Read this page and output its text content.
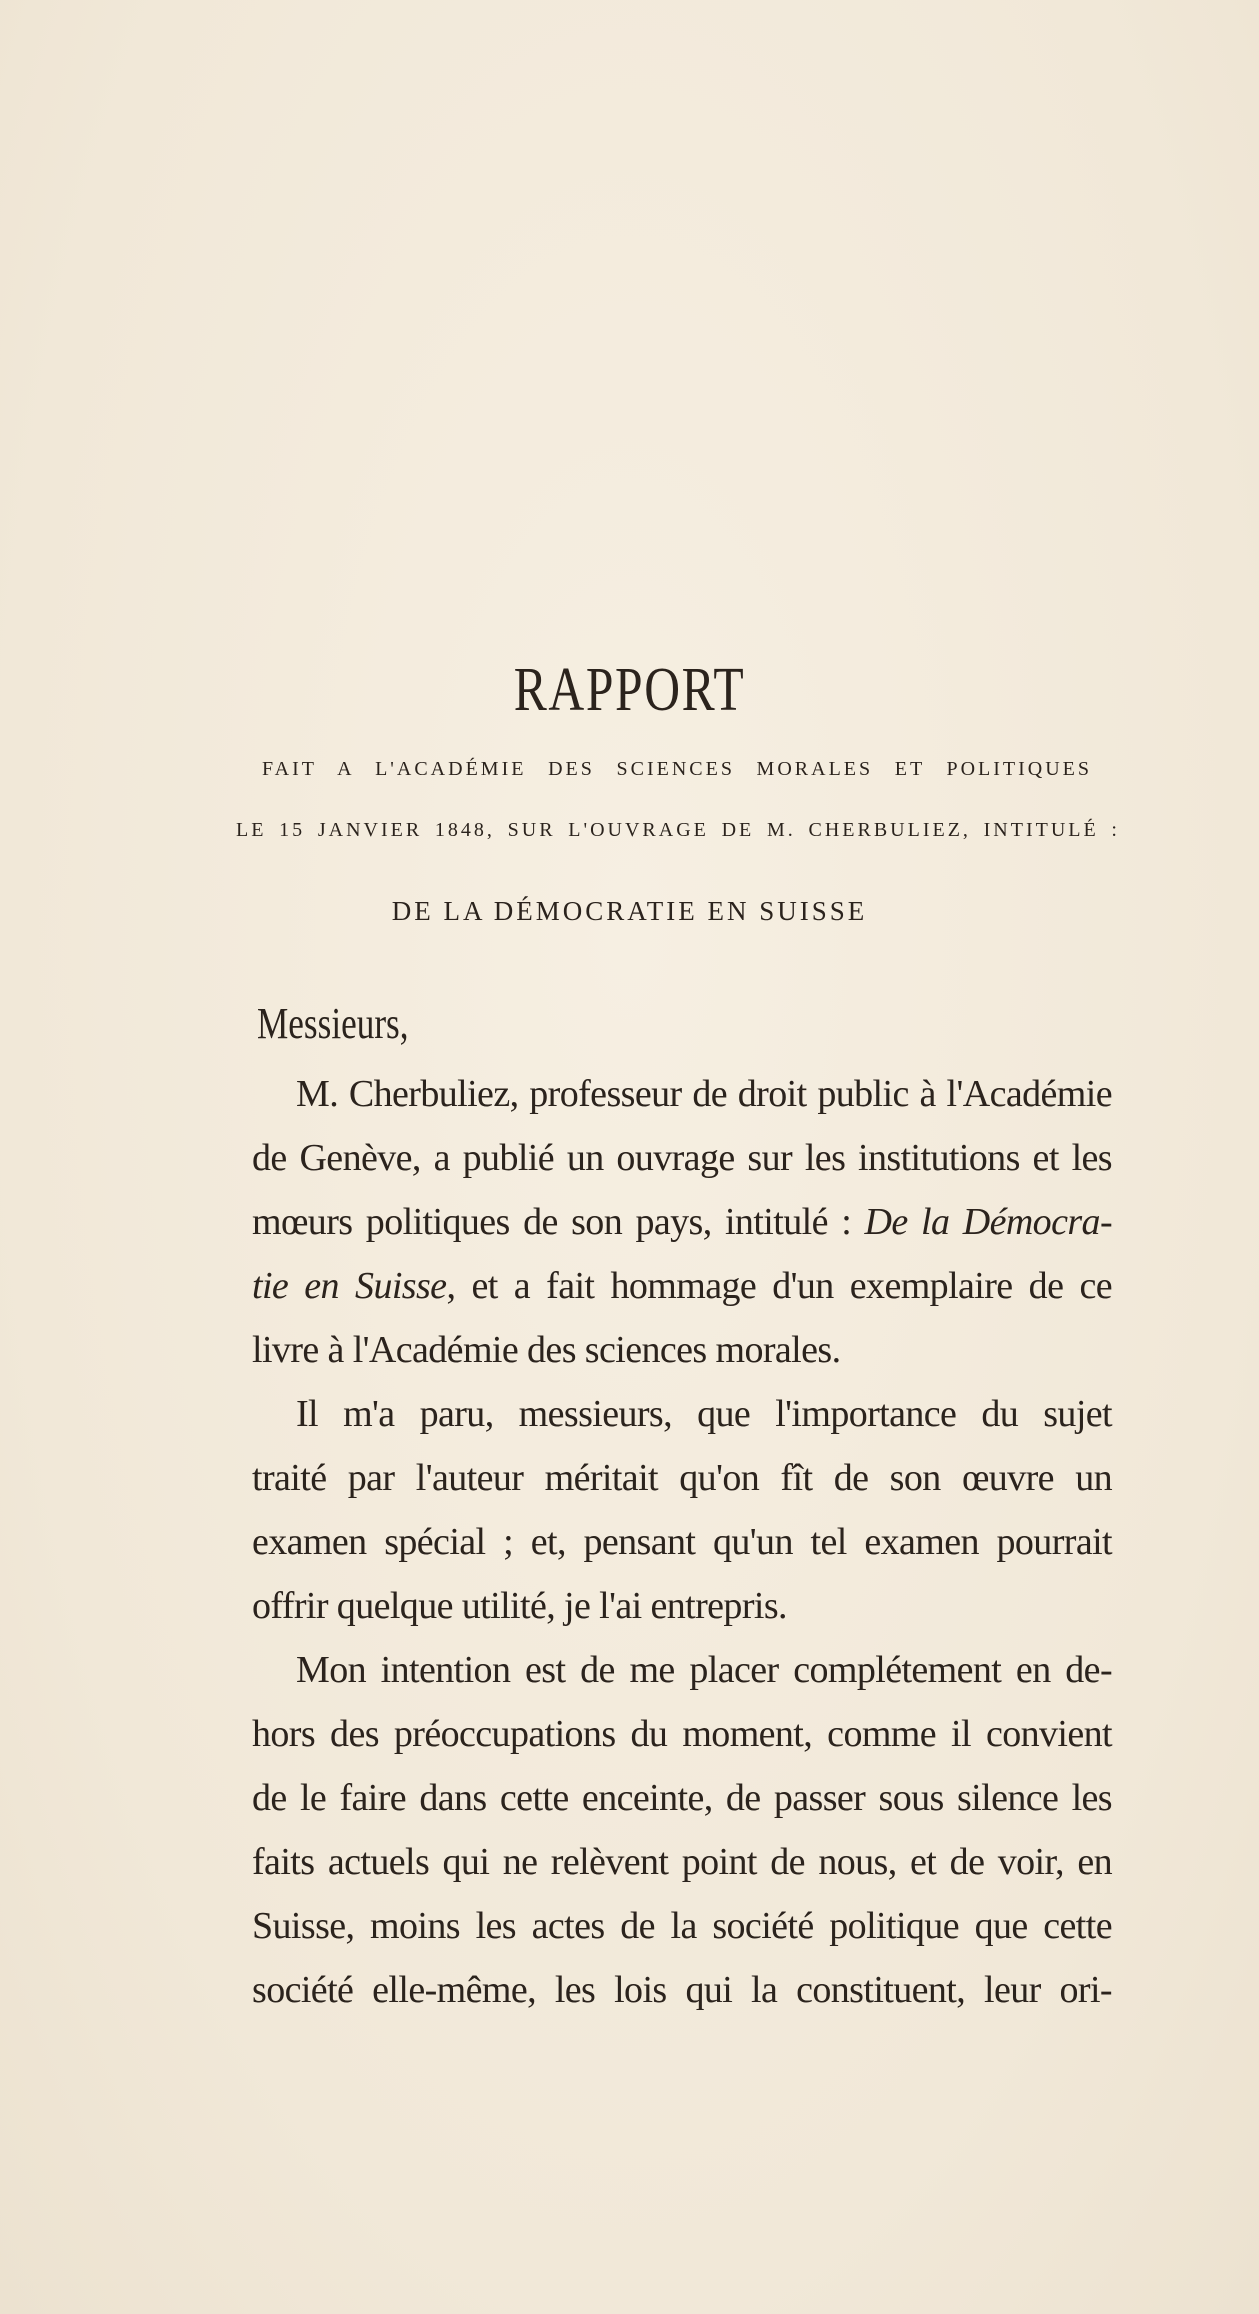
RAPPORT
FAIT A L'ACADÉMIE DES SCIENCES MORALES ET POLITIQUES
LE 15 JANVIER 1848, SUR L'OUVRAGE DE M. CHERBULIEZ, INTITULÉ :
DE LA DÉMOCRATIE EN SUISSE
Messieurs,
M. Cherbuliez, professeur de droit public à l'Académie
de Genève, a publié un ouvrage sur les institutions et les
mœurs politiques de son pays, intitulé : De la Démocra-
tie en Suisse, et a fait hommage d'un exemplaire de ce
livre à l'Académie des sciences morales.
Il m'a paru, messieurs, que l'importance du sujet
traité par l'auteur méritait qu'on fît de son œuvre un
examen spécial ; et, pensant qu'un tel examen pourrait
offrir quelque utilité, je l'ai entrepris.
Mon intention est de me placer complétement en de-
hors des préoccupations du moment, comme il convient
de le faire dans cette enceinte, de passer sous silence les
faits actuels qui ne relèvent point de nous, et de voir, en
Suisse, moins les actes de la société politique que cette
société elle-même, les lois qui la constituent, leur ori-
